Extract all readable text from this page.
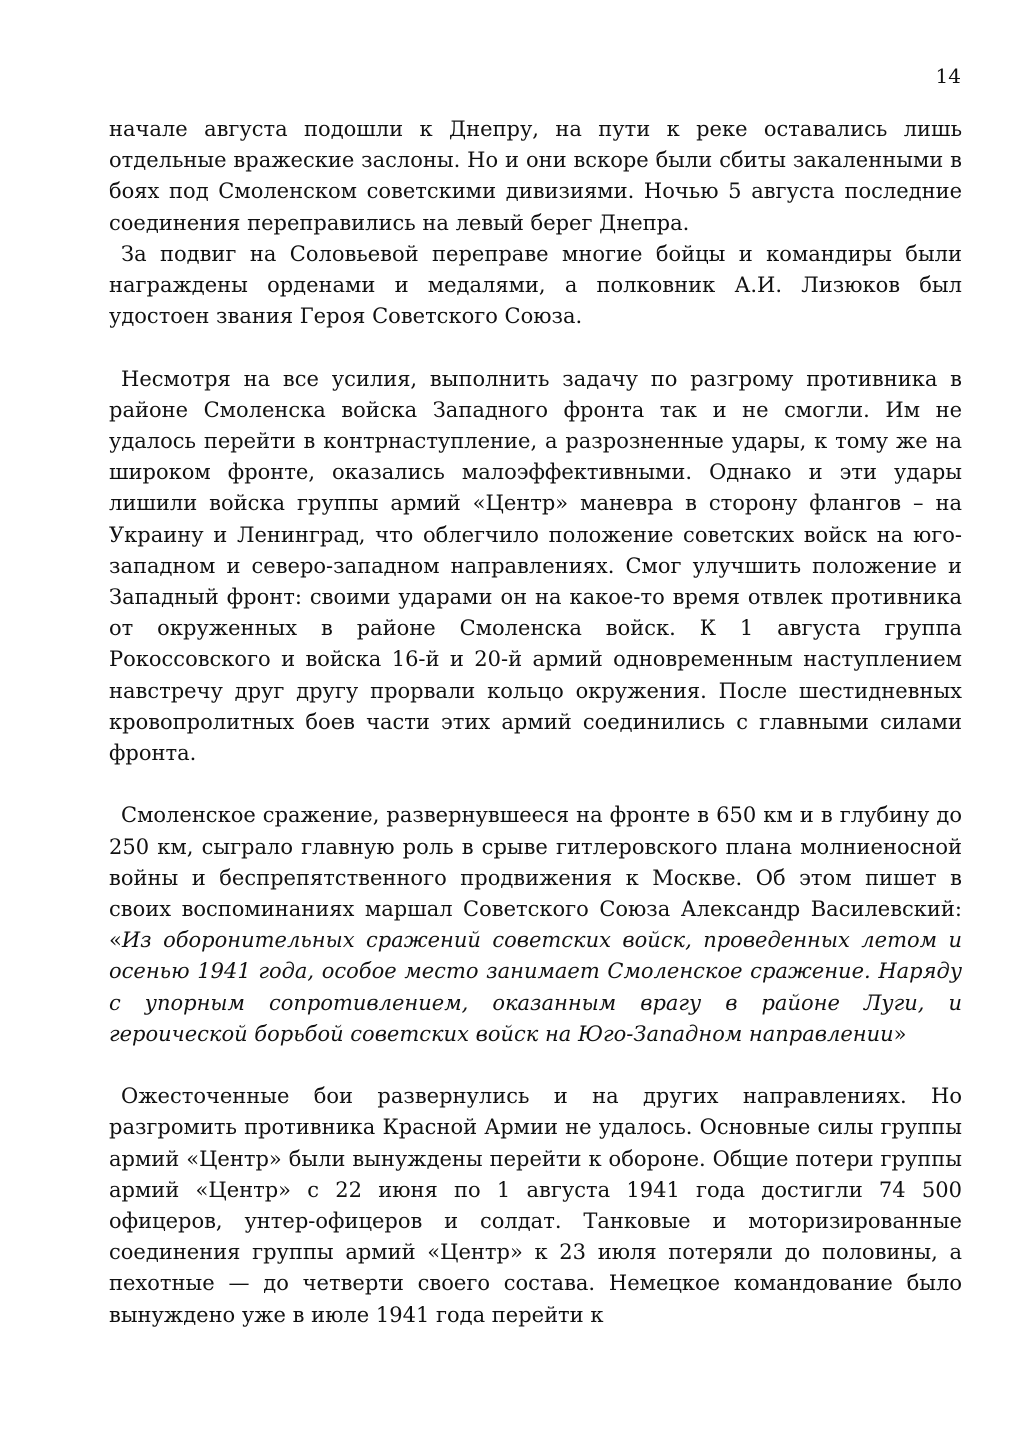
14

начале августа подошли к Днепру, на пути к реке оставались лишь отдельные вражеские заслоны. Но и они вскоре были сбиты закаленными в боях под Смоленском советскими дивизиями. Ночью 5 августа последние соединения переправились на левый берег Днепра.

За подвиг на Соловьевой переправе многие бойцы и командиры были награждены орденами и медалями, а полковник А.И. Лизюков был удостоен звания Героя Советского Союза.

Несмотря на все усилия, выполнить задачу по разгрому противника в районе Смоленска войска Западного фронта так и не смогли. Им не удалось перейти в контрнаступление, а разрозненные удары, к тому же на широком фронте, оказались малоэффективными. Однако и эти удары лишили войска группы армий «Центр» маневра в сторону флангов – на Украину и Ленинград, что облегчило положение советских войск на юго-западном и северо-западном направлениях. Смог улучшить положение и Западный фронт: своими ударами он на какое-то время отвлек противника от окруженных в районе Смоленска войск. К 1 августа группа Рокоссовского и войска 16-й и 20-й армий одновременным наступлением навстречу друг другу прорвали кольцо окружения. После шестидневных кровопролитных боев части этих армий соединились с главными силами фронта.

Смоленское сражение, развернувшееся на фронте в 650 км и в глубину до 250 км, сыграло главную роль в срыве гитлеровского плана молниеносной войны и беспрепятственного продвижения к Москве. Об этом пишет в своих воспоминаниях маршал Советского Союза Александр Василевский: «Из оборонительных сражений советских войск, проведенных летом и осенью 1941 года, особое место занимает Смоленское сражение. Наряду с упорным сопротивлением, оказанным врагу в районе Луги, и героической борьбой советских войск на Юго-Западном направлении»

Ожесточенные бои развернулись и на других направлениях. Но разгромить противника Красной Армии не удалось. Основные силы группы армий «Центр» были вынуждены перейти к обороне. Общие потери группы армий «Центр» с 22 июня по 1 августа 1941 года достигли 74 500 офицеров, унтер-офицеров и солдат. Танковые и моторизированные соединения группы армий «Центр» к 23 июля потеряли до половины, а пехотные — до четверти своего состава. Немецкое командование было вынуждено уже в июле 1941 года перейти к
